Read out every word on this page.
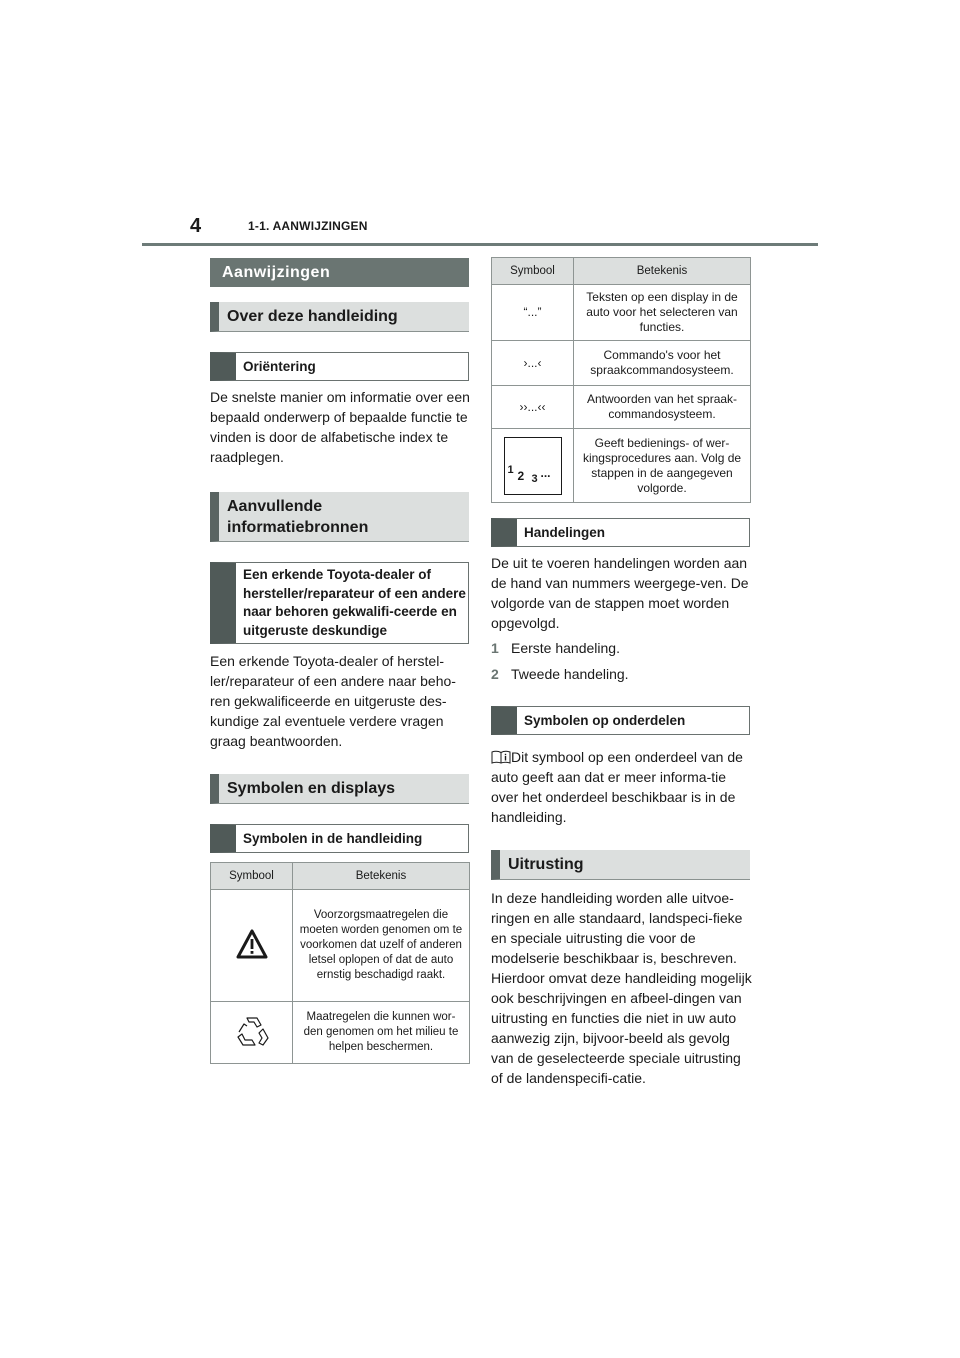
4	1-1. AANWIJZINGEN
Aanwijzingen
Over deze handleiding
Oriëntering
De snelste manier om informatie over een bepaald onderwerp of bepaalde functie te vinden is door de alfabetische index te raadplegen.
Aanvullende
informatiebronnen
Een erkende Toyota-dealer of hersteller/reparateur of een andere naar behoren gekwalifi-ceerde en uitgeruste deskundige
Een erkende Toyota-dealer of herstel-ler/reparateur of een andere naar beho-ren gekwalificeerde en uitgeruste des-kundige zal eventuele verdere vragen graag beantwoorden.
Symbolen en displays
Symbolen in de handleiding
Symbool	Betekenis
	Voorzorgsmaatregelen die moeten worden genomen om te voorkomen dat uzelf of anderen letsel oplopen of dat de auto ernstig beschadigd raakt.
	Maatregelen die kunnen wor-den genomen om het milieu te helpen beschermen.
Symbool	Betekenis
“...”	Teksten op een display in de auto voor het selecteren van functies.
›...‹	Commando's voor het spraakcommandosysteem.
››...‹‹	Antwoorden van het spraak-commandosysteem.

1 2 3 ...	Geeft bedienings- of wer-kingsprocedures aan. Volg de stappen in de aangegeven volgorde.
Handelingen
De uit te voeren handelingen worden aan de hand van nummers weergege-ven. De volgorde van de stappen moet worden opgevolgd.
1 Eerste handeling.
2 Tweede handeling.
Symbolen op onderdelen
Dit symbool op een onderdeel van de auto geeft aan dat er meer informa-tie over het onderdeel beschikbaar is in de handleiding.
Uitrusting
In deze handleiding worden alle uitvoe-ringen en alle standaard, landspeci-fieke en speciale uitrusting die voor de modelserie beschikbaar is, beschreven. Hierdoor omvat deze handleiding mogelijk ook beschrijvingen en afbeel-dingen van uitrusting en functies die niet in uw auto aanwezig zijn, bijvoor-beeld als gevolg van de geselecteerde speciale uitrusting of de landenspecifi-catie.
